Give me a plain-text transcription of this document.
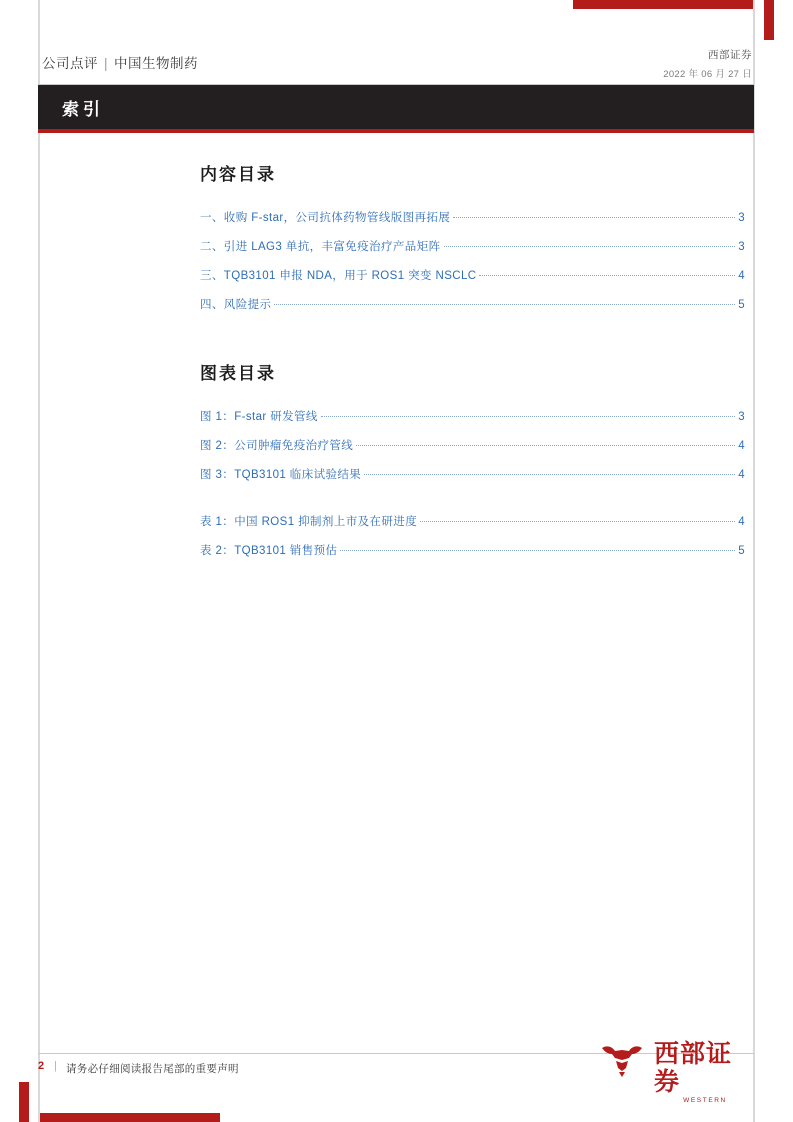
公司点评 | 中国生物制药
西部证券
2022 年 06 月 27 日
索引
内容目录
一、收购 F-star，公司抗体药物管线版图再拓展	3
二、引进 LAG3 单抗，丰富免疫治疗产品矩阵	3
三、TQB3101 申报 NDA，用于 ROS1 突变 NSCLC	4
四、风险提示	5
图表目录
图 1：F-star 研发管线	3
图 2：公司肿瘤免疫治疗管线	4
图 3：TQB3101 临床试验结果	4
表 1：中国 ROS1 抑制剂上市及在研进度	4
表 2：TQB3101 销售预估	5
2 | 请务必仔细阅读报告尾部的重要声明
西部证券
WESTERN
